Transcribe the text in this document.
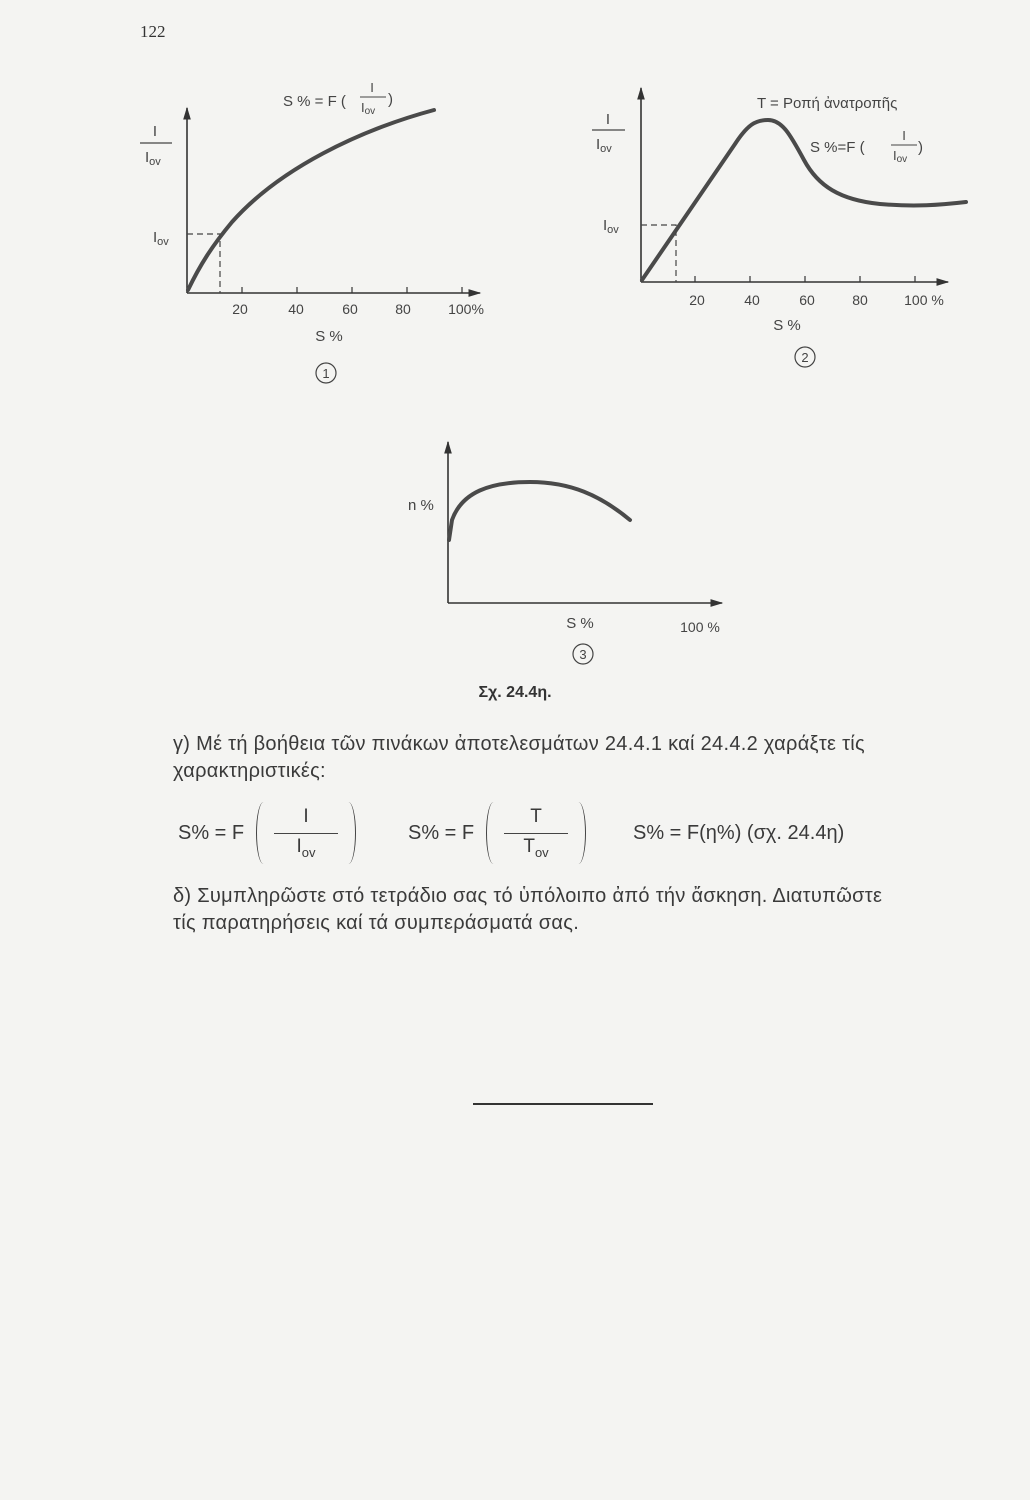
122
I
$I_{ov}$
$I_{ov}$
S % = F (
I
Iov
)
20	40	60	80	100%
S %
1
I
$I_{ov}$
$I_{ov}$
T = Ροπή ἀνατροπῆς
S %=F (
I
Iov
)
20	40	60	80	100 %
S %
2
n %
S %	100 %
3
Σχ. 24.4η.

γ) Μέ τή βοήθεια τῶν πινάκων ἀποτελεσμάτων 24.4.1 καί 24.4.2 χαράξτε τίς

χαρακτηριστικές:

S% = F
I
$I_{ov}$
S% = F
T
$T_{ov}$
S% = F(η%) (σχ. 24.4η)

δ) Συμπληρῶστε στό τετράδιο σας τό ὑπόλοιπο ἀπό τήν ἄσκηση. Διατυπῶστε

τίς παρατηρήσεις καί τά συμπεράσματά σας.
